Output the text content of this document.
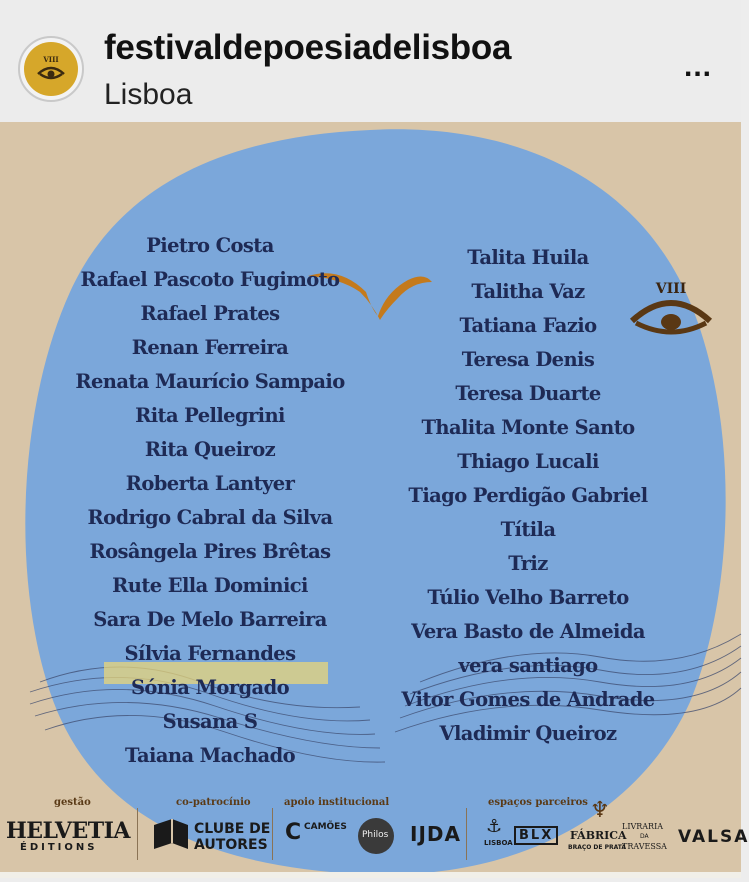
VIII festivaldepoesiadelisboa
Lisboa
...
VIII
Pietro Costa
Rafael Pascoto Fugimoto
Rafael Prates
Renan Ferreira
Renata Maurício Sampaio
Rita Pellegrini
Rita Queiroz
Roberta Lantyer
Rodrigo Cabral da Silva
Rosângela Pires Brêtas
Rute Ella Dominici
Sara De Melo Barreira
Sílvia Fernandes
Sónia Morgado
Susana S
Taiana Machado
Talita Huila
Talitha Vaz
Tatiana Fazio
Teresa Denis
Teresa Duarte
Thalita Monte Santo
Thiago Lucali
Tiago Perdigão Gabriel
Títila
Triz
Túlio Velho Barreto
Vera Basto de Almeida
vera santiago
Vitor Gomes de Andrade
Vladimir Queiroz
gestão	co-patrocínio	apoio institucional	espaços parceiros
HELVETIA
ÉDITIONS
CLUBE DE
AUTORES C CAMÕES
Philos IJDA ⚓
LISBOA BLX
♆
FÁBRICA
BRAÇO DE PRATA
LIVRARIA
DA
TRAVESSA VALSA
